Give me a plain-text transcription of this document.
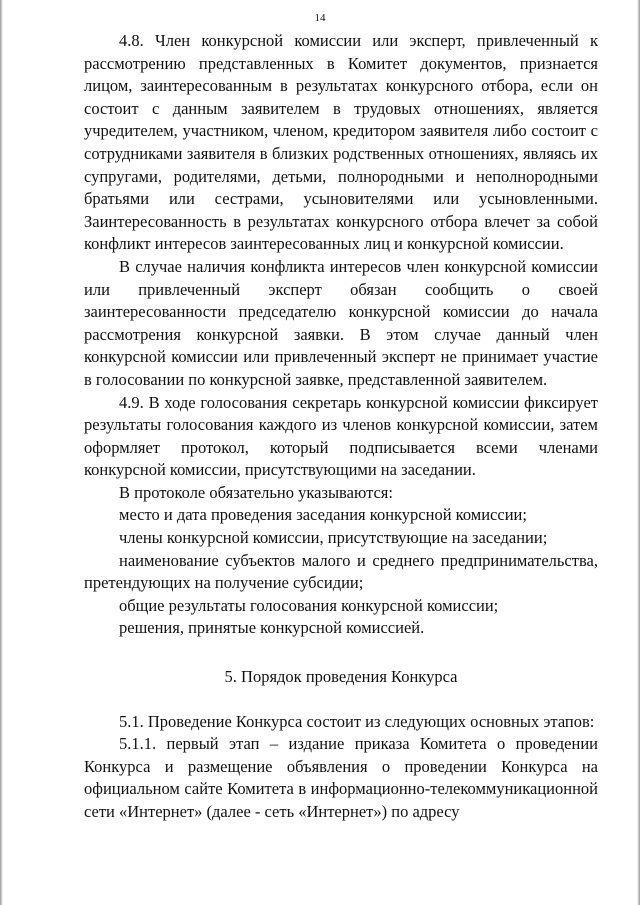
14

4.8. Член конкурсной комиссии или эксперт, привлеченный к рассмотрению представленных в Комитет документов, признается лицом, заинтересованным в результатах конкурсного отбора, если он состоит с данным заявителем в трудовых отношениях, является учредителем, участником, членом, кредитором заявителя либо состоит с сотрудниками заявителя в близких родственных отношениях, являясь их супругами, родителями, детьми, полнородными и неполнородными братьями или сестрами, усыновителями или усыновленными. Заинтересованность в результатах конкурсного отбора влечет за собой конфликт интересов заинтересованных лиц и конкурсной комиссии.

В случае наличия конфликта интересов член конкурсной комиссии или привлеченный эксперт обязан сообщить о своей заинтересованности председателю конкурсной комиссии до начала рассмотрения конкурсной заявки. В этом случае данный член конкурсной комиссии или привлеченный эксперт не принимает участие в голосовании по конкурсной заявке, представленной заявителем.

4.9. В ходе голосования секретарь конкурсной комиссии фиксирует результаты голосования каждого из членов конкурсной комиссии, затем оформляет протокол, который подписывается всеми членами конкурсной комиссии, присутствующими на заседании.

В протоколе обязательно указываются:

место и дата проведения заседания конкурсной комиссии;

члены конкурсной комиссии, присутствующие на заседании;

наименование субъектов малого и среднего предпринимательства, претендующих на получение субсидии;

общие результаты голосования конкурсной комиссии;

решения, принятые конкурсной комиссией.

5. Порядок проведения Конкурса

5.1. Проведение Конкурса состоит из следующих основных этапов:

5.1.1. первый этап – издание приказа Комитета о проведении Конкурса и размещение объявления о проведении Конкурса на официальном сайте Комитета в информационно-телекоммуникационной сети «Интернет» (далее - сеть «Интернет») по адресу
